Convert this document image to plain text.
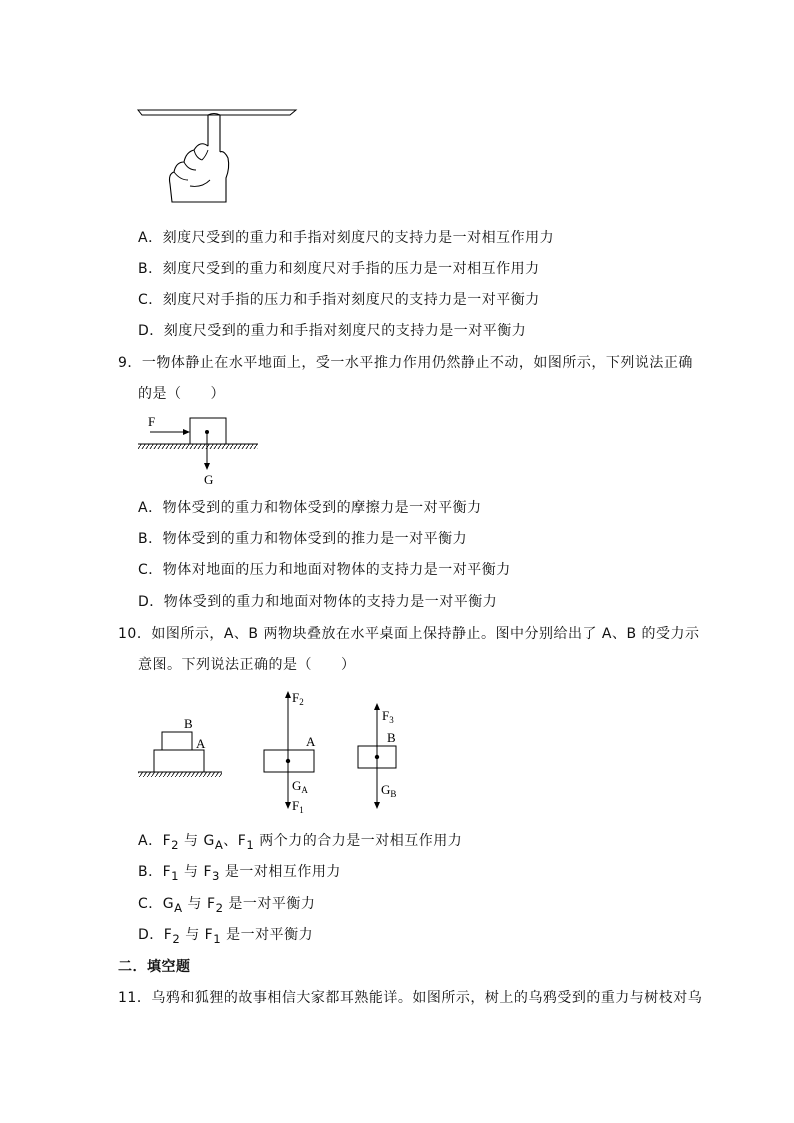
A．刻度尺受到的重力和手指对刻度尺的支持力是一对相互作用力
B．刻度尺受到的重力和刻度尺对手指的压力是一对相互作用力
C．刻度尺对手指的压力和手指对刻度尺的支持力是一对平衡力
D．刻度尺受到的重力和手指对刻度尺的支持力是一对平衡力
9．一物体静止在水平地面上，受一水平推力作用仍然静止不动，如图所示，下列说法正确
的是（　　）
F
G
A．物体受到的重力和物体受到的摩擦力是一对平衡力
B．物体受到的重力和物体受到的推力是一对平衡力
C．物体对地面的压力和地面对物体的支持力是一对平衡力
D．物体受到的重力和地面对物体的支持力是一对平衡力
10．如图所示，A、B 两物块叠放在水平桌面上保持静止。图中分别给出了 A、B 的受力示
意图。下列说法正确的是（　　）
B
A
$F_2$
A
$G_A$
$F_1$
$F_3$
B
$G_B$
A．$F_2$ 与 $G_A$、$F_1$ 两个力的合力是一对相互作用力
B．$F_1$ 与 $F_3$ 是一对相互作用力
C．$G_A$ 与 $F_2$ 是一对平衡力
D．$F_2$ 与 $F_1$ 是一对平衡力
二．填空题
11．乌鸦和狐狸的故事相信大家都耳熟能详。如图所示，树上的乌鸦受到的重力与树枝对乌
